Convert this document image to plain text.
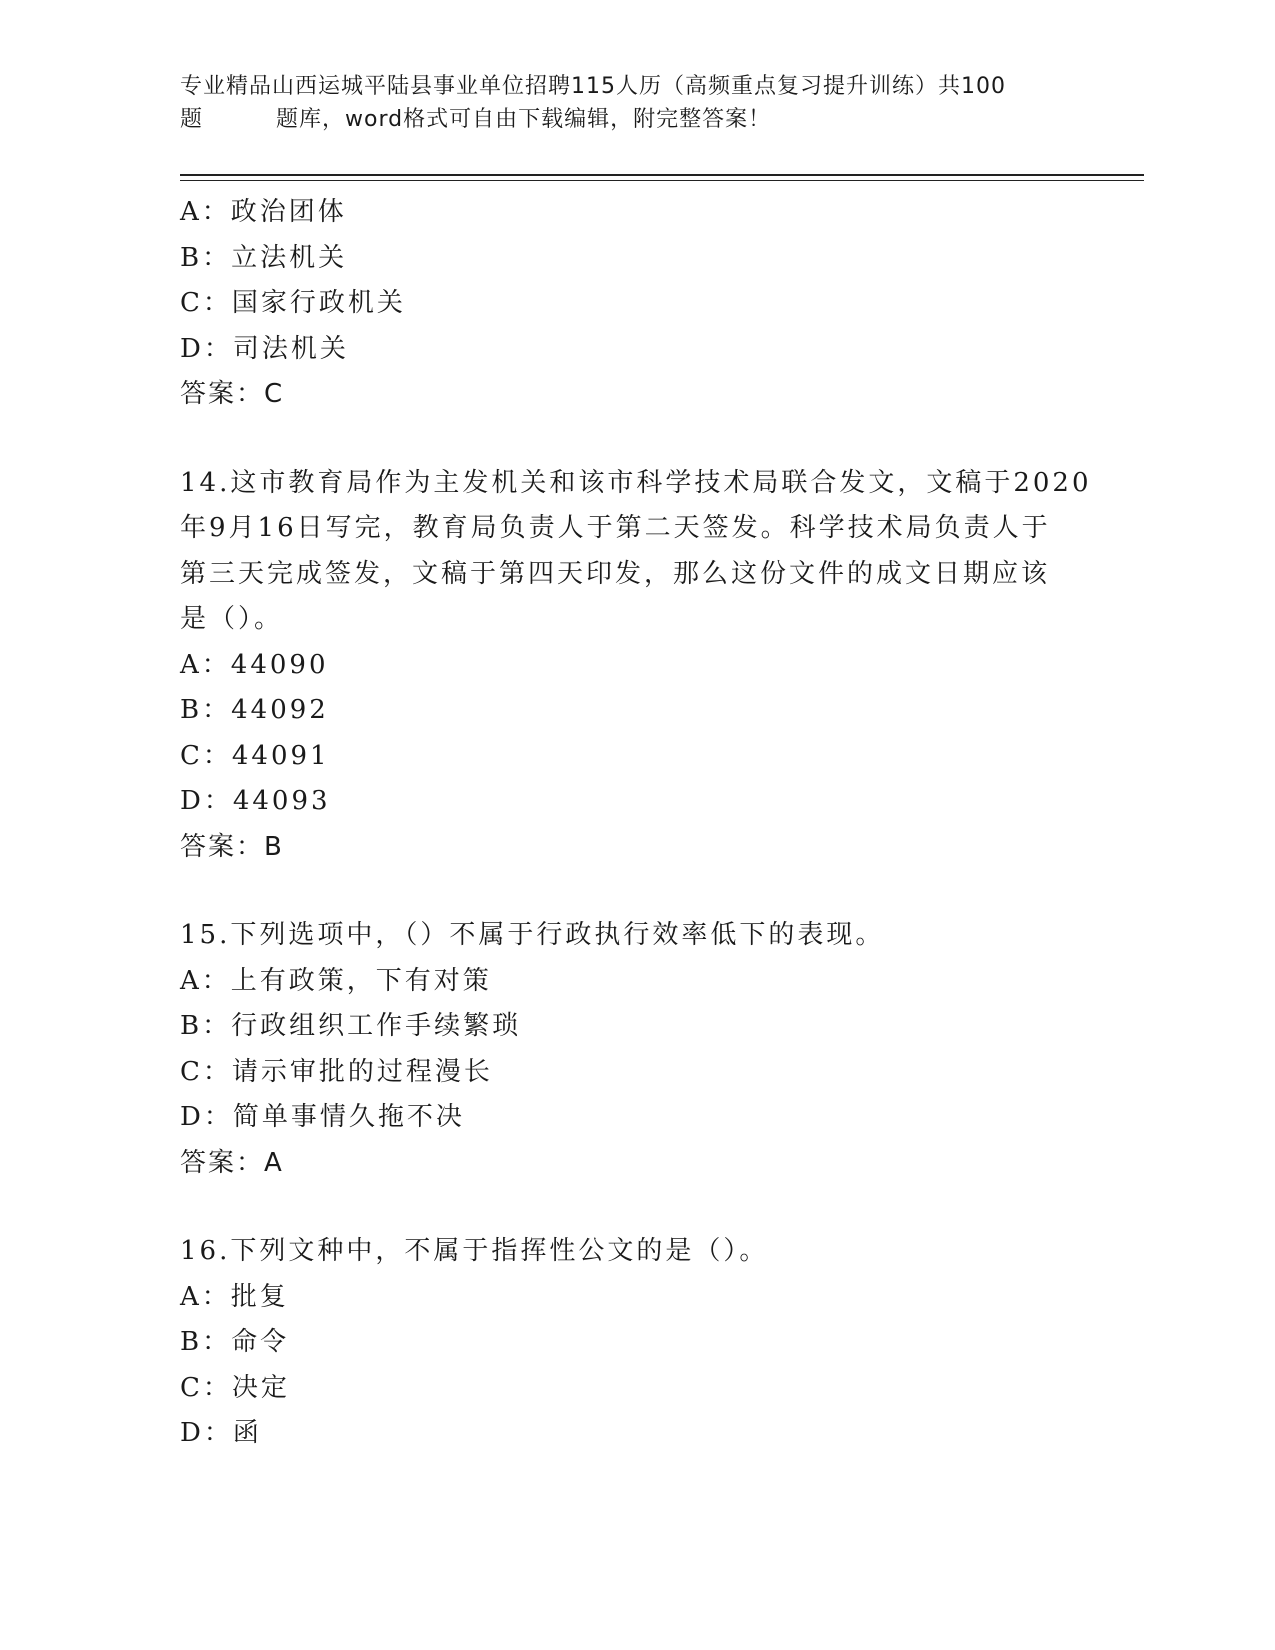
专业精品山西运城平陆县事业单位招聘115人历（高频重点复习提升训练）共100
题	题库，word格式可自由下载编辑，附完整答案！
A：政治团体
B：立法机关
C：国家行政机关
D：司法机关
答案：C
14.这市教育局作为主发机关和该市科学技术局联合发文，文稿于2020
年9月16日写完，教育局负责人于第二天签发。科学技术局负责人于
第三天完成签发，文稿于第四天印发，那么这份文件的成文日期应该
是（）。
A：44090
B：44092
C：44091
D：44093
答案：B
15.下列选项中，（）不属于行政执行效率低下的表现。
A：上有政策，下有对策
B：行政组织工作手续繁琐
C：请示审批的过程漫长
D：简单事情久拖不决
答案：A
16.下列文种中，不属于指挥性公文的是（）。
A：批复
B：命令
C：决定
D：函
